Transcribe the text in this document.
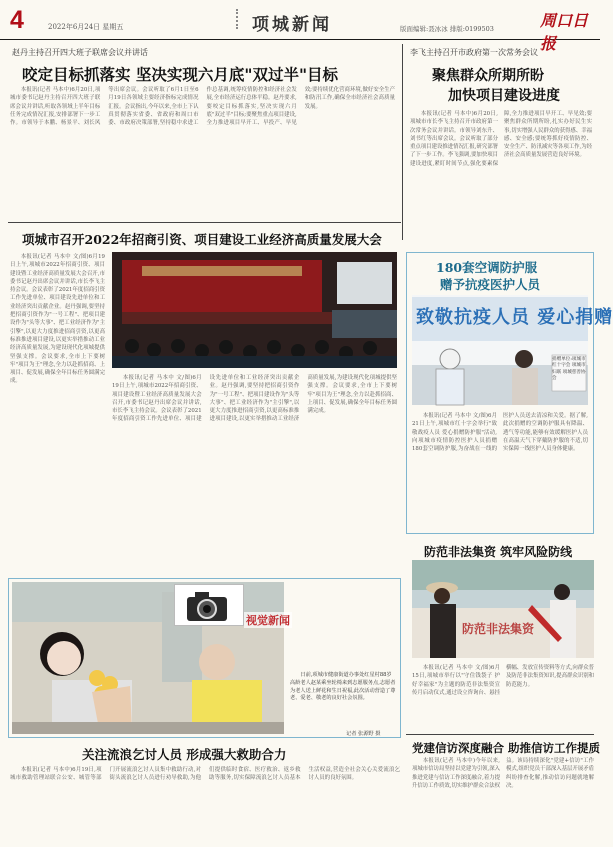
4	2022年6月24日 星期五	项城新闻	版面编辑:聂冰冰 排版:0199503	周口日报
赵丹主持召开四大班子联席会议并讲话
咬定目标抓落实 坚决实现六月底"双过半"目标

本报讯(记者 马本中)6月20日,项城市委书记赵丹主持召开四大班子联席会议并讲话,听取各领域上半年目标任务完成情况汇报,安排部署下一步工作。市领导于本鹏、杨景平、刘长风等出席会议。会议听取了6月1日至6月19日各领域主要经济指标完成情况汇报。会议指出,今年以来,全市上下认真贯彻落实省委、省政府和周口市委、市政府决策部署,坚持稳中求进工作总基调,统筹疫情防控和经济社会发展,全市经济运行总体平稳。赵丹要求,要咬定目标抓落实,坚决实现六月底"双过半"目标;要聚焦重点项目建设,全力推进项目早开工、早投产、早见效;要持续优化营商环境,做好安全生产和防汛工作,确保全市经济社会高质量发展。

李飞主持召开市政府第一次常务会议
聚焦群众所期所盼
加快项目建设进度

本报讯(记者 马本中)6月20日,项城市市长李飞主持召开市政府第一次常务会议并讲话。市领导刘东升、刘书红等出席会议。会议听取了部分重点项目建设推进情况汇报,研究部署了下一步工作。李飞强调,要加快项目建设进度,紧盯时间节点,强化要素保障,全力推进项目早开工、早见效;要聚焦群众所期所盼,扎实办好民生实事,切实增强人民群众的获得感、幸福感、安全感;要统筹抓好疫情防控、安全生产、防汛减灾等各项工作,为经济社会高质量发展营造良好环境。

项城市召开2022年招商引资、项目建设工业经济高质量发展大会

本报讯(记者 马本中 文/图)6月19日上午,项城市2022年招商引资、项目建设暨工业经济高质量发展大会召开,市委书记赵丹出席会议并讲话,市长李飞主持会议。会议表彰了2021年度招商引资工作先进单位、项目建设先进单位和工业经济突出贡献企业。赵丹强调,要坚持把招商引资作为"一号工程"、把项目建设作为"头等大事"、把工业经济作为"主引擎",以更大力度推进招商引资,以更高标准推进项目建设,以更实举措推动工业经济高质量发展,为建设现代化项城提供坚强支撑。会议要求,全市上下要树牢"项目为王"理念,全力以赴抓招商、上项目、促发展,确保全年目标任务圆满完成。

本报讯(记者 马本中 文/图)6月19日上午,项城市2022年招商引资、项目建设暨工业经济高质量发展大会召开,市委书记赵丹出席会议并讲话,市长李飞主持会议。会议表彰了2021年度招商引资工作先进单位、项目建设先进单位和工业经济突出贡献企业。赵丹强调,要坚持把招商引资作为"一号工程"、把项目建设作为"头等大事"、把工业经济作为"主引擎",以更大力度推进招商引资,以更高标准推进项目建设,以更实举措推动工业经济高质量发展,为建设现代化项城提供坚强支撑。会议要求,全市上下要树牢"项目为王"理念,全力以赴抓招商、上项目、促发展,确保全年目标任务圆满完成。

180套空调防护服
赠予抗疫医护人员
致敬抗疫人员 爱心捐赠
捐赠单位:项城市红十字会 项城市妇联 项城慈善协会

本报讯(记者 马本中 文/图)6月21日上午,项城市红十字会举行"致敬战疫人员 爱心捐赠防护服"活动,向项城市疫情防控医护人员捐赠180套空调防护服,为奋战在一线的医护人员送去清凉和关爱。据了解,此次捐赠的空调防护服具有降温、透气等功能,能够有效缓解医护人员在高温天气下穿戴防护服的不适,切实保障一线医护人员身体健康。

防范非法集资 筑牢风险防线
防范非法集资

本报讯(记者 马本中 文/图)6月15日,项城市举行以"守住钱袋子 护好幸福家"为主题的防范非法集资宣传月启动仪式,通过设立咨询台、悬挂横幅、发放宣传资料等方式,向群众普及防范非法集资知识,提高群众识别和防范能力。

视觉新闻
日前,项城市健康街道办事处红星村88岁高龄老人赵某乘坐轮椅来到志愿服务点,志愿者为老人送上鲜花和生日祝福,此次活动营造了尊老、爱老、敬老的良好社会氛围。
记者 张源野 摄
党建信访深度融合 助推信访工作提质

本报讯(记者 马本中)今年以来,项城市信访局坚持以党建为引领,深入推进党建与信访工作深度融合,着力提升信访工作质效,切实维护群众合法权益。该局持续深化"党建+信访"工作模式,组织党员干部深入基层开展矛盾纠纷排查化解,推动信访问题就地解决。

关注流浪乞讨人员 形成强大救助合力

本报讯(记者 马本中)6月19日,项城市救助管理站联合公安、城管等部门开展流浪乞讨人员集中救助行动,对街头流浪乞讨人员进行劝导救助,为他们提供临时食宿、医疗救治、返乡救助等服务,切实保障流浪乞讨人员基本生活权益,营造全社会关心关爱流浪乞讨人员的良好氛围。
